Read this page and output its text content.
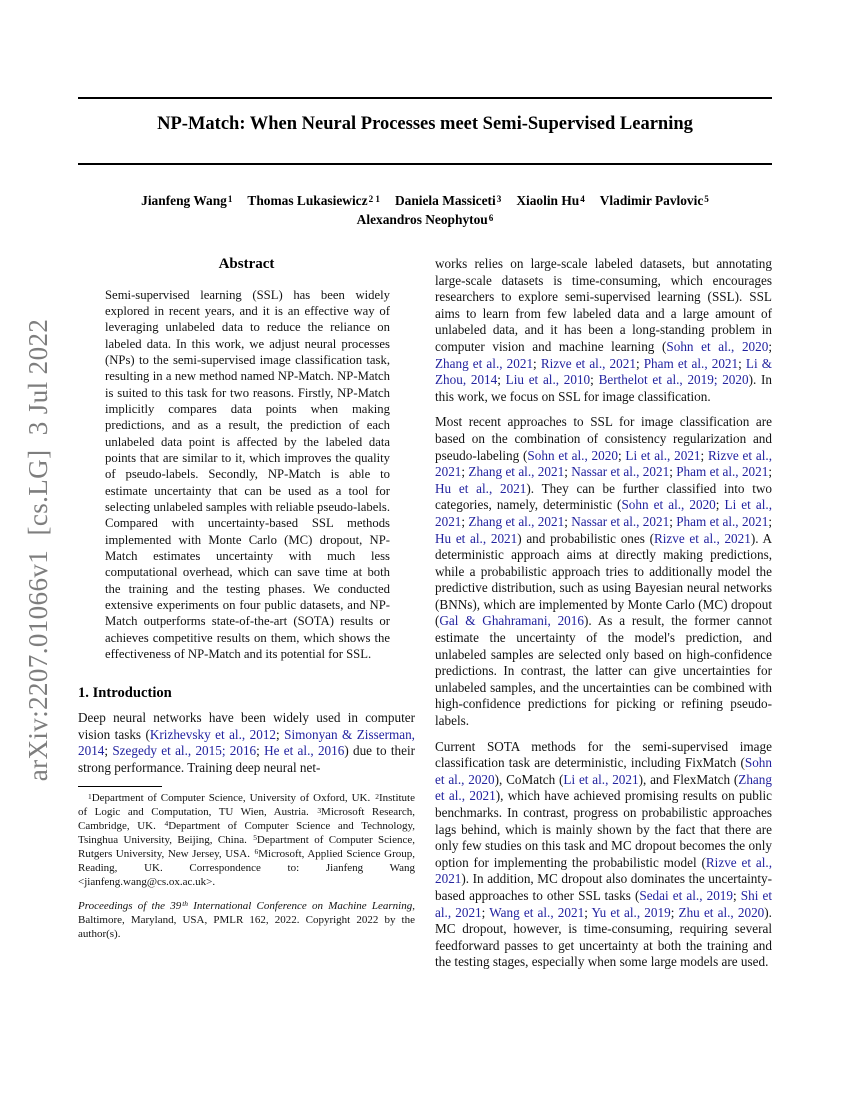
arXiv:2207.01066v1  [cs.LG]  3 Jul 2022
NP-Match: When Neural Processes meet Semi-Supervised Learning
Jianfeng Wang$^1$ Thomas Lukasiewicz$^{2 1}$ Daniela Massiceti$^3$ Xiaolin Hu$^4$ Vladimir Pavlovic$^5$
Alexandros Neophytou$^6$
Abstract

Semi-supervised learning (SSL) has been widely explored in recent years, and it is an effective way of leveraging unlabeled data to reduce the reliance on labeled data. In this work, we adjust neural processes (NPs) to the semi-supervised image classification task, resulting in a new method named NP-Match. NP-Match is suited to this task for two reasons. Firstly, NP-Match implicitly compares data points when making predictions, and as a result, the prediction of each unlabeled data point is affected by the labeled data points that are similar to it, which improves the quality of pseudo-labels. Secondly, NP-Match is able to estimate uncertainty that can be used as a tool for selecting unlabeled samples with reliable pseudo-labels. Compared with uncertainty-based SSL methods implemented with Monte Carlo (MC) dropout, NP-Match estimates uncertainty with much less computational overhead, which can save time at both the training and the testing phases. We conducted extensive experiments on four public datasets, and NP-Match outperforms state-of-the-art (SOTA) results or achieves competitive results on them, which shows the effectiveness of NP-Match and its potential for SSL.

1. Introduction

Deep neural networks have been widely used in computer vision tasks (Krizhevsky et al., 2012; Simonyan & Zisserman, 2014; Szegedy et al., 2015; 2016; He et al., 2016) due to their strong performance. Training deep neural net-

$^1$Department of Computer Science, University of Oxford, UK. $^2$Institute of Logic and Computation, TU Wien, Austria. $^3$Microsoft Research, Cambridge, UK. $^4$Department of Computer Science and Technology, Tsinghua University, Beijing, China. $^5$Department of Computer Science, Rutgers University, New Jersey, USA. $^6$Microsoft, Applied Science Group, Reading, UK. Correspondence to: Jianfeng Wang <jianfeng.wang@cs.ox.ac.uk>.

Proceedings of the 39th International Conference on Machine Learning, Baltimore, Maryland, USA, PMLR 162, 2022. Copyright 2022 by the author(s).

works relies on large-scale labeled datasets, but annotating large-scale datasets is time-consuming, which encourages researchers to explore semi-supervised learning (SSL). SSL aims to learn from few labeled data and a large amount of unlabeled data, and it has been a long-standing problem in computer vision and machine learning (Sohn et al., 2020; Zhang et al., 2021; Rizve et al., 2021; Pham et al., 2021; Li & Zhou, 2014; Liu et al., 2010; Berthelot et al., 2019; 2020). In this work, we focus on SSL for image classification.

Most recent approaches to SSL for image classification are based on the combination of consistency regularization and pseudo-labeling (Sohn et al., 2020; Li et al., 2021; Rizve et al., 2021; Zhang et al., 2021; Nassar et al., 2021; Pham et al., 2021; Hu et al., 2021). They can be further classified into two categories, namely, deterministic (Sohn et al., 2020; Li et al., 2021; Zhang et al., 2021; Nassar et al., 2021; Pham et al., 2021; Hu et al., 2021) and probabilistic ones (Rizve et al., 2021). A deterministic approach aims at directly making predictions, while a probabilistic approach tries to additionally model the predictive distribution, such as using Bayesian neural networks (BNNs), which are implemented by Monte Carlo (MC) dropout (Gal & Ghahramani, 2016). As a result, the former cannot estimate the uncertainty of the model's prediction, and unlabeled samples are selected only based on high-confidence predictions. In contrast, the latter can give uncertainties for unlabeled samples, and the uncertainties can be combined with high-confidence predictions for picking or refining pseudo-labels.

Current SOTA methods for the semi-supervised image classification task are deterministic, including FixMatch (Sohn et al., 2020), CoMatch (Li et al., 2021), and FlexMatch (Zhang et al., 2021), which have achieved promising results on public benchmarks. In contrast, progress on probabilistic approaches lags behind, which is mainly shown by the fact that there are only few studies on this task and MC dropout becomes the only option for implementing the probabilistic model (Rizve et al., 2021). In addition, MC dropout also dominates the uncertainty-based approaches to other SSL tasks (Sedai et al., 2019; Shi et al., 2021; Wang et al., 2021; Yu et al., 2019; Zhu et al., 2020). MC dropout, however, is time-consuming, requiring several feedforward passes to get uncertainty at both the training and the testing stages, especially when some large models are used.
